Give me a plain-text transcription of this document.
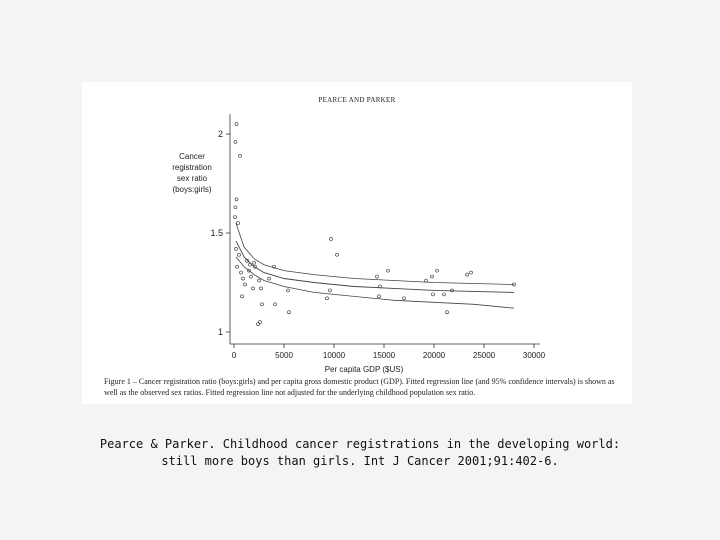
PEARCE AND PARKER
Cancer
registration
sex ratio
(boys:girls)
1
1.5
2
0	5000	10000	15000	20000	25000	30000
Per capita GDP ($US)
Figure 1 – Cancer registration ratio (boys:girls) and per capita gross domestic product (GDP). Fitted regression line (and 95% confidence intervals) is shown as well as the observed sex ratios. Fitted regression line not adjusted for the underlying childhood population sex ratio.
Pearce & Parker. Childhood cancer registrations in the developing world:
still more boys than girls. Int J Cancer 2001;91:402-6.
